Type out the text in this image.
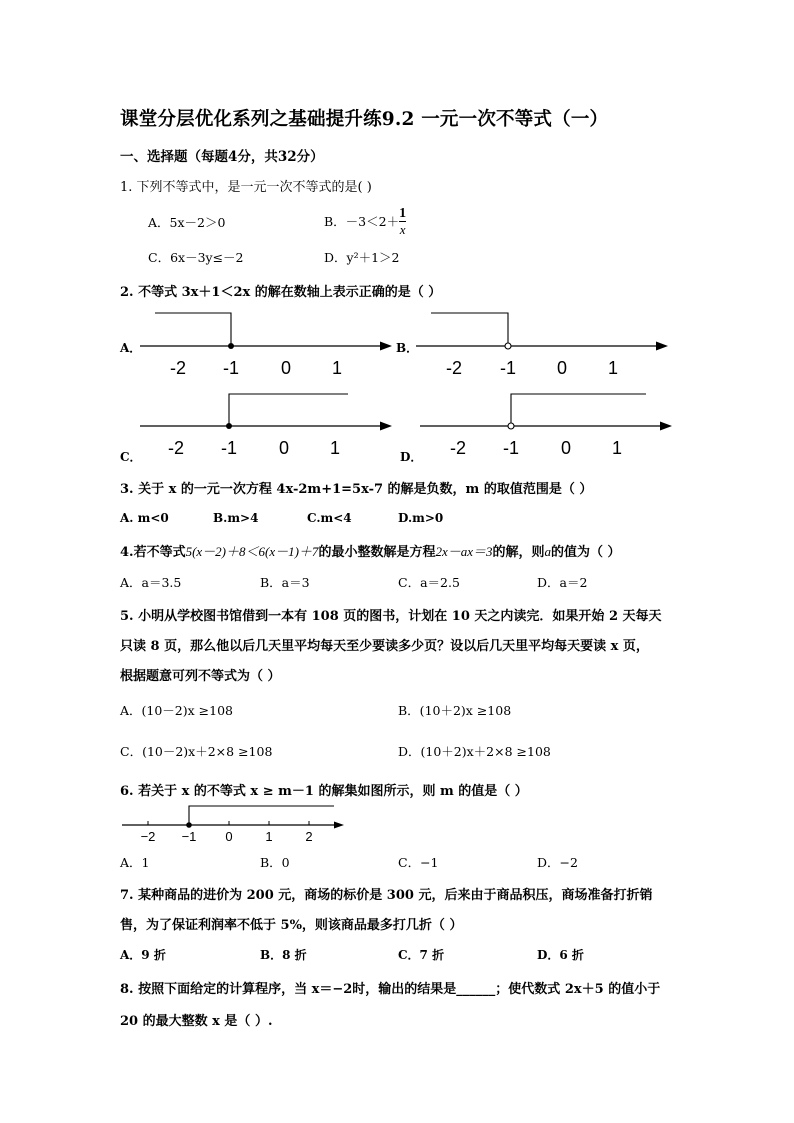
课堂分层优化系列之基础提升练9.2 一元一次不等式（一）
一、选择题（每题4分，共32分）
1. 下列不等式中，是一元一次不等式的是( )
A．5x－2＞0	B．$-3<2+ \frac{1}{x}$
C．6x－3y≤－2	D．y²＋1＞2
2. 不等式 3x＋1＜2x 的解在数轴上表示正确的是（ ）
A．
-2 -1 0 1
B．
-2 -1 0 1
C． -2 -1 0 1	D． -2 -1 0 1
3. 关于 x 的一元一次方程 4x-2m+1=5x-7 的解是负数，m 的取值范围是（ ）
A. m<0	B.m>4	C.m<4	D.m>0
4.若不等式5(x－2)＋8＜6(x－1)＋7的最小整数解是方程2x－ax＝3的解，则a的值为（ ）
A．a＝3.5	B．a＝3	C．a＝2.5	D．a＝2
5. 小明从学校图书馆借到一本有 108 页的图书，计划在 10 天之内读完．如果开始 2 天每天
只读 8 页，那么他以后几天里平均每天至少要读多少页？设以后几天里平均每天要读 x 页，
根据题意可列不等式为（ ）
A．(10－2)x ≥108	B．(10＋2)x ≥108
C．(10－2)x＋2×8 ≥108	D．(10＋2)x＋2×8 ≥108
6. 若关于 x 的不等式 x ≥ m－1 的解集如图所示，则 m 的值是（ ）
−2 −1 0	1	2
A．1	B．0	C．−1	D．−2
7. 某种商品的进价为 200 元，商场的标价是 300 元，后来由于商品积压，商场准备打折销
售，为了保证利润率不低于 5%，则该商品最多打几折（ ）
A．9 折	B．8 折	C．7 折	D．6 折
8. 按照下面给定的计算程序，当 x＝−2时，输出的结果是______；使代数式 2x＋5 的值小于
20 的最大整数 x 是（ ）.
